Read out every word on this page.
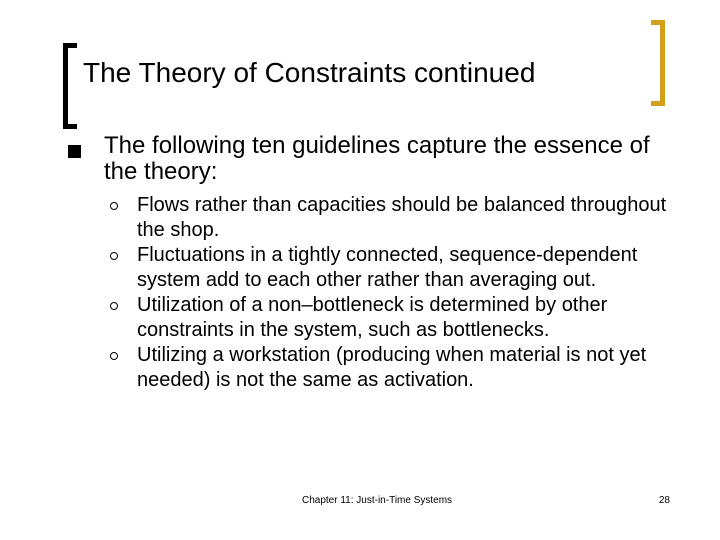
The Theory of Constraints continued
The following ten guidelines capture the essence of the theory:
Flows rather than capacities should be balanced throughout the shop.
Fluctuations in a tightly connected, sequence-dependent system add to each other rather than averaging out.
Utilization of a non–bottleneck is determined by other constraints in the system, such as bottlenecks.
Utilizing a workstation (producing when material is not yet needed) is not the same as activation.
Chapter 11: Just-in-Time Systems	28
